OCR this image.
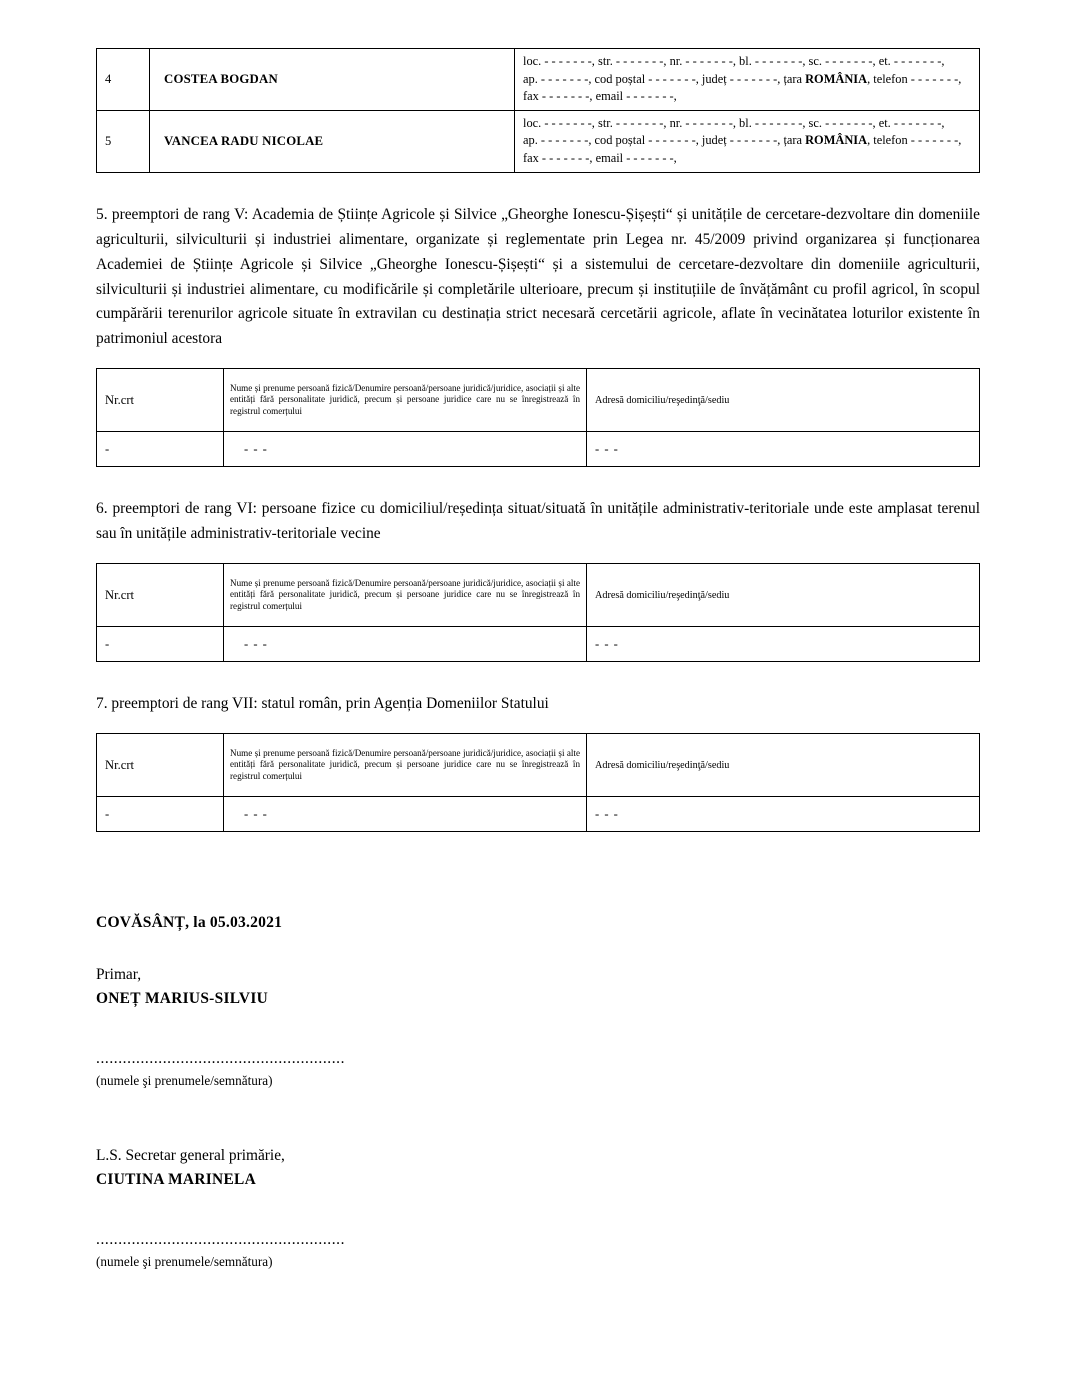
4	COSTEA BOGDAN	loc. - - - - - - -, str. - - - - - - -, nr. - - - - - - -, bl. - - - - - - -, sc. - - - - - - -, et. - - - - - - -,
ap. - - - - - - -, cod poștal - - - - - - -, județ - - - - - - -, țara ROMÂNIA, telefon - - - - - - -,
fax - - - - - - -, email - - - - - - -,

5	VANCEA RADU NICOLAE	loc. - - - - - - -, str. - - - - - - -, nr. - - - - - - -, bl. - - - - - - -, sc. - - - - - - -, et. - - - - - - -,
ap. - - - - - - -, cod poștal - - - - - - -, județ - - - - - - -, țara ROMÂNIA, telefon - - - - - - -,
fax - - - - - - -, email - - - - - - -,

5. preemptori de rang V: Academia de Științe Agricole și Silvice „Gheorghe Ionescu-Șișești“ și unitățile de cercetare-dezvoltare din domeniile agriculturii, silviculturii și industriei alimentare, organizate și reglementate prin Legea nr. 45/2009 privind organizarea și funcționarea Academiei de Științe Agricole și Silvice „Gheorghe Ionescu-Șișești“ și a sistemului de cercetare-dezvoltare din domeniile agriculturii, silviculturii și industriei alimentare, cu modificările și completările ulterioare, precum și instituțiile de învățământ cu profil agricol, în scopul cumpărării terenurilor agricole situate în extravilan cu destinația strict necesară cercetării agricole, aflate în vecinătatea loturilor existente în patrimoniul acestora

Nr.crt	Nume și prenume persoană fizică/Denumire persoană/persoane juridică/juridice, asociații și alte entități fără personalitate juridică, precum și persoane juridice care nu se înregistrează în registrul comerțului	Adresă domiciliu/reşedinţă/sediu
-	- - -	- - -

6. preemptori de rang VI: persoane fizice cu domiciliul/reședința situat/situată în unitățile administrativ-teritoriale unde este amplasat terenul sau în unitățile administrativ-teritoriale vecine

Nr.crt	Nume și prenume persoană fizică/Denumire persoană/persoane juridică/juridice, asociații și alte entități fără personalitate juridică, precum și persoane juridice care nu se înregistrează în registrul comerțului	Adresă domiciliu/reşedinţă/sediu
-	- - -	- - -

7. preemptori de rang VII: statul român, prin Agenția Domeniilor Statului

Nr.crt	Nume și prenume persoană fizică/Denumire persoană/persoane juridică/juridice, asociații și alte entități fără personalitate juridică, precum și persoane juridice care nu se înregistrează în registrul comerțului	Adresă domiciliu/reşedinţă/sediu
-	- - -	- - -
COVĂSÂNȚ, la 05.03.2021
Primar,
ONEȚ MARIUS-SILVIU
........................................................
(numele şi prenumele/semnătura)
L.S. Secretar general primărie,
CIUTINA MARINELA
........................................................
(numele şi prenumele/semnătura)
